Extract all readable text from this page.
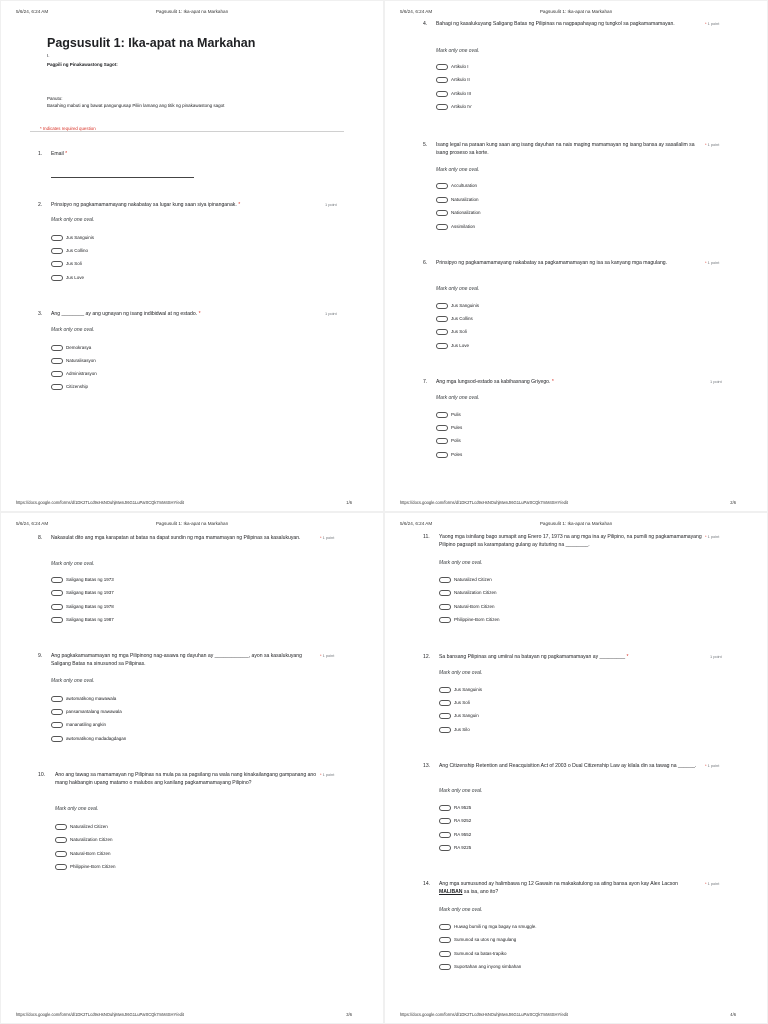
5/6/24, 6:24 AM	Pagsusulit 1: Ika-apat na Markahan
Pagsusulit 1: Ika-apat na Markahan
I.
Pagpili ng Pinakawastong Sagot:
Panuto:
Basahing mabuti ang bawat pangungusap Piliin lamang ang titik ng pinakawastong sagot
* Indicates required question
1. Email *
2. Prinsipyo ng pagkamamamayang nakabatay sa lugar kung saan siya ipinanganak. *	1 point
Mark only one oval.
Jus Sanguinis
Jus Collino
Jus Soli
Jus Love
3. Ang ________ ay ang ugnayan ng isang indibidwal at ng estado. *	1 point
Mark only one oval.
Demokrasya
Naturalisasyon
Administrasyon
Citizenship
https://docs.google.com/forms/d/1DK2TLcd9xHsNOuhjMwnJI6G1LuPar0CQk7mM4SHY/edit	1/6
5/6/24, 6:24 AM	Pagsusulit 1: Ika-apat na Markahan
4. Bahagi ng kasalukuyang Saligang Batas ng Pilipinas na nagpapahayag ng tungkol sa pagkamamamayan.	* 1 point
Mark only one oval.
Artikulo I
Artikulo II
Artikulo III
Artikulo IV
5. Isang legal na paraan kung saan ang isang dayuhan na nais maging mamamayan ng isang bansa ay sasailalim sa isang proseso sa korte.
* 1 point
Mark only one oval.
Acculturation
Naturalization
Nationalization
Assimilation
6. Prinsipyo ng pagkamamamayang nakabatay sa pagkamamamayan ng isa sa kanyang mga magulang.	* 1 point
Mark only one oval.
Jus Sanguinis
Jus Collins
Jus Soli
Jus Love
7. Ang mga lungsod-estado sa kabihasnang Griyego. *	1 point
Mark only one oval.
Pulis
Pules
Polis
Poles
https://docs.google.com/forms/d/1DK2TLcd9xHsNOuhjMwnJI6G1LuPar0CQk7mM4SHY/edit	2/6
5/6/24, 6:24 AM	Pagsusulit 1: Ika-apat na Markahan
8. Nakasulat dito ang mga karapatan at batas na dapat sundin ng mga mamamayan ng Pilipinas sa kasalukuyan.	* 1 point
Mark only one oval.
Saligang Batas ng 1973
Saligang Batas ng 1937
Saligang Batas ng 1978
Saligang Batas ng 1987
9. Ang pagkakamamamayan ng mga Pilipinong nag-asawa ng dayuhan ay ____________, ayon sa kasalukuyang Saligang Batas na sinusunod sa Pilipinas.
* 1 point
Mark only one oval.
awtomatikong mawawala
pansamantalang mawawala
mananatiling angkin
awtomatikong madadagdagan
10. Ano ang tawag sa mamamayan ng Pilipinas na mula pa sa pagsilang na wala nang kinakailangang gampanang ano mang hakbangin upang matamo o malubos ang kanilang pagkamamamayang Pilipino?
* 1 point
Mark only one oval.
Naturalized Citizen
Naturalization Citizen
Natural-Born Citizen
Philippine-Born Citizen
https://docs.google.com/forms/d/1DK2TLcd9xHsNOuhjMwnJI6G1LuPar0CQk7mM4SHY/edit	3/6
5/6/24, 6:24 AM	Pagsusulit 1: Ika-apat na Markahan
11. Yaong mga isinilang bago sumapit ang Enero 17, 1973 na ang mga ina ay Pilipino, na pumili ng pagkamamamayang Pilipino pagsapit sa karampatang gulang ay ituturing na ________.
* 1 point
Mark only one oval.
Naturalized Citizen
Naturalization Citizen
Natural-Born Citizen
Philippine-Born Citizen
12. Sa bansang Pilipinas ang umiiral na batayan ng pagkamamamayan ay _________ *	1 point
Mark only one oval.
Jus Sanguinis
Jus Soli
Jus Sanguin
Jus Silo
13. Ang Citizenship Retention and Reacquisition Act of 2003 o Dual Citizenship Law ay kilala din sa tawag na ______.	* 1 point
Mark only one oval.
RA 9525
RA 9252
RA 9552
RA 9225
14. Ang mga sumusunod ay halimbawa ng 12 Gawain na makakatulong sa ating bansa ayon kay Alex Lacson MALIBAN sa isa, ano ito?
* 1 point
Mark only one oval.
Huwag bumili ng mga bagay na smuggle.
Sumunod sa utos ng magulang
Sumunod sa batas-trapiko
Suportahan ang inyong simbahan
https://docs.google.com/forms/d/1DK2TLcd9xHsNOuhjMwnJI6G1LuPar0CQk7mM4SHY/edit	4/6
